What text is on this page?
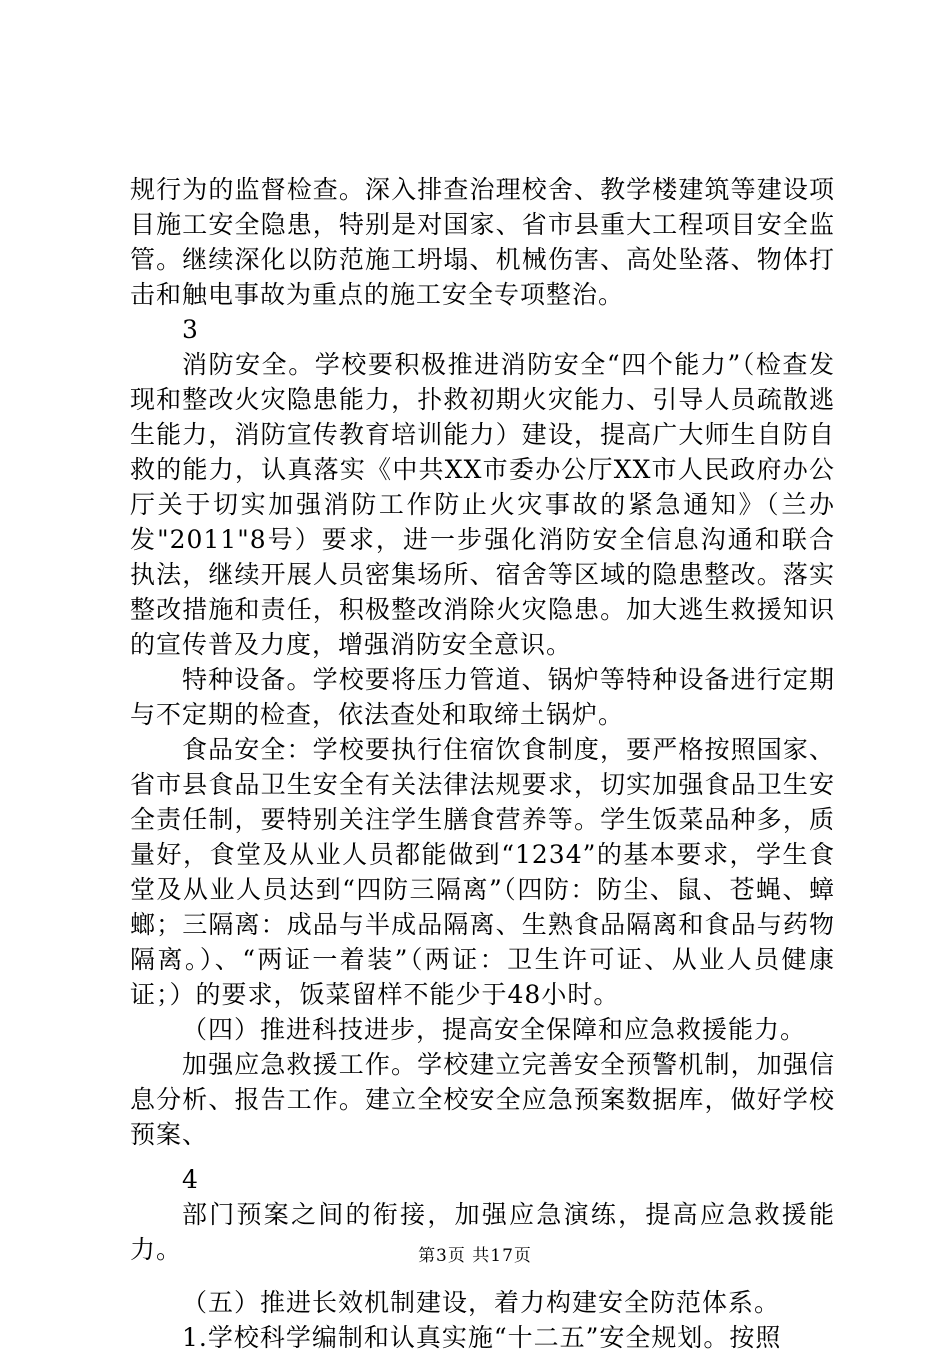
规行为的监督检查。深入排查治理校舍、教学楼建筑等建设项目施工安全隐患，特别是对国家、省市县重大工程项目安全监管。继续深化以防范施工坍塌、机械伤害、高处坠落、物体打击和触电事故为重点的施工安全专项整治。

3

消防安全。学校要积极推进消防安全“四个能力”（检查发现和整改火灾隐患能力，扑救初期火灾能力、引导人员疏散逃生能力，消防宣传教育培训能力）建设，提高广大师生自防自救的能力，认真落实《中共XX市委办公厅XX市人民政府办公厅关于切实加强消防工作防止火灾事故的紧急通知》（兰办发"2011"8号）要求，进一步强化消防安全信息沟通和联合执法，继续开展人员密集场所、宿舍等区域的隐患整改。落实整改措施和责任，积极整改消除火灾隐患。加大逃生救援知识的宣传普及力度，增强消防安全意识。

特种设备。学校要将压力管道、锅炉等特种设备进行定期与不定期的检查，依法查处和取缔土锅炉。

食品安全：学校要执行住宿饮食制度，要严格按照国家、省市县食品卫生安全有关法律法规要求，切实加强食品卫生安全责任制，要特别关注学生膳食营养等。学生饭菜品种多，质量好，食堂及从业人员都能做到“1234”的基本要求，学生食堂及从业人员达到“四防三隔离”（四防：防尘、鼠、苍蝇、蟑螂；三隔离：成品与半成品隔离、生熟食品隔离和食品与药物隔离。）、“两证一着装”（两证：卫生许可证、从业人员健康证；）的要求，饭菜留样不能少于48小时。

（四）推进科技进步，提高安全保障和应急救援能力。

加强应急救援工作。学校建立完善安全预警机制，加强信息分析、报告工作。建立全校安全应急预案数据库，做好学校预案、

4

部门预案之间的衔接，加强应急演练，提高应急救援能力。

（五）推进长效机制建设，着力构建安全防范体系。

1.学校科学编制和认真实施“十二五”安全规划。按照

第3页 共17页
